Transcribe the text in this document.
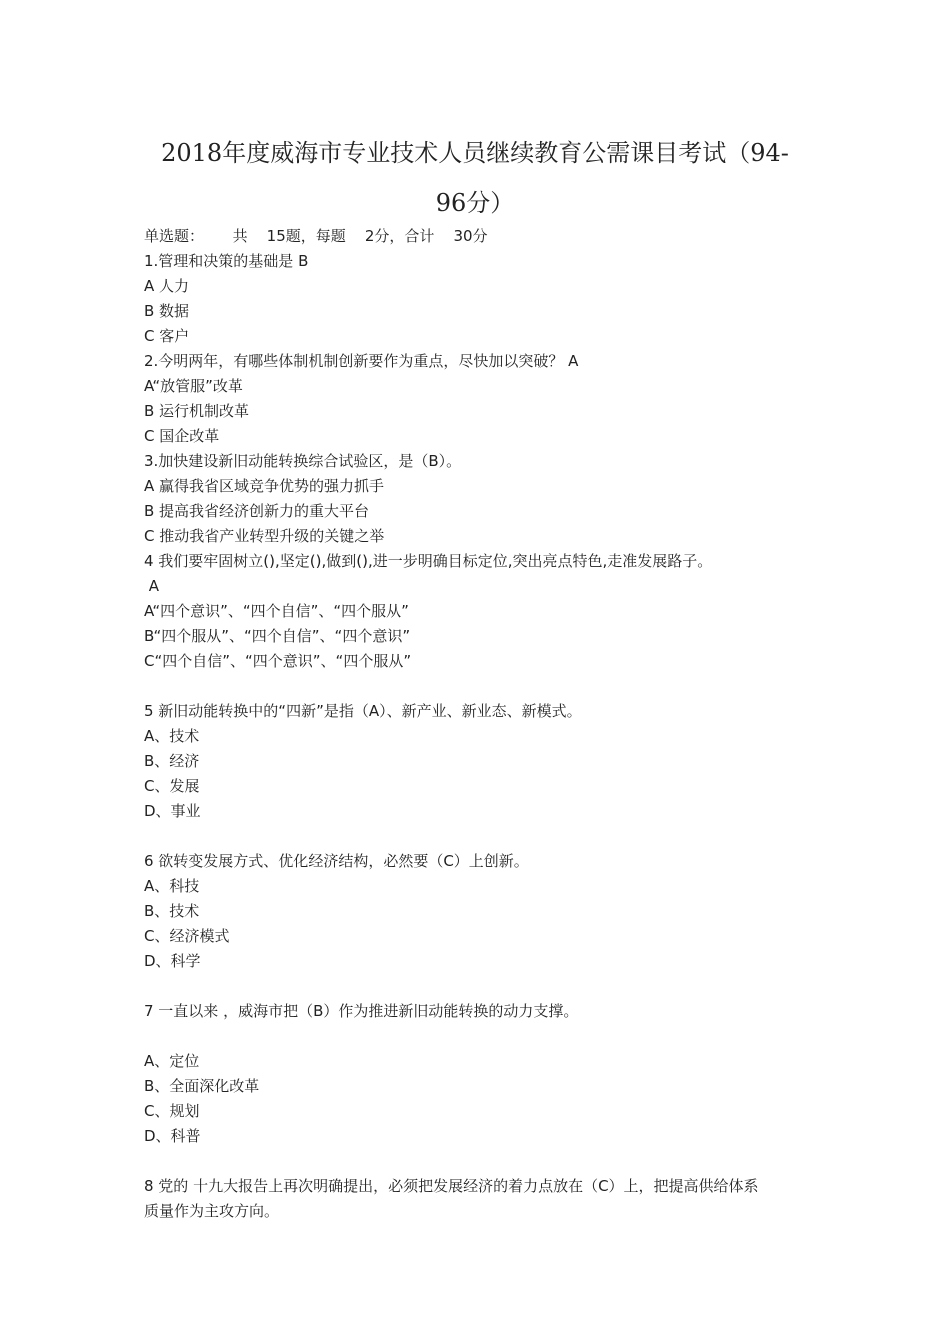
2018年度威海市专业技术人员继续教育公需课目考试（94-
96分）
单选题：      共    15题，每题    2分，合计    30分
1.管理和决策的基础是 B
A 人力
B 数据
C 客户
2.今明两年，有哪些体制机制创新要作为重点，尽快加以突破？ A
A“放管服”改革
B 运行机制改革
C 国企改革
3.加快建设新旧动能转换综合试验区，是（B）。
A 赢得我省区域竞争优势的强力抓手
B 提高我省经济创新力的重大平台
C 推动我省产业转型升级的关键之举
4 我们要牢固树立(),坚定(),做到(),进一步明确目标定位,突出亮点特色,走准发展路子。
A
A“四个意识”、“四个自信”、“四个服从”
B“四个服从”、“四个自信”、“四个意识”
C“四个自信”、“四个意识”、“四个服从”
5 新旧动能转换中的“四新”是指（A）、新产业、新业态、新模式。
A、技术
B、经济
C、发展
D、事业
6 欲转变发展方式、优化经济结构，必然要（C）上创新。
A、科技
B、技术
C、经济模式
D、科学
7 一直以来 ，威海市把（B）作为推进新旧动能转换的动力支撑。
A、定位
B、全面深化改革
C、规划
D、科普
8 党的 十九大报告上再次明确提出，必须把发展经济的着力点放在（C）上，把提高供给体系
质量作为主攻方向。
